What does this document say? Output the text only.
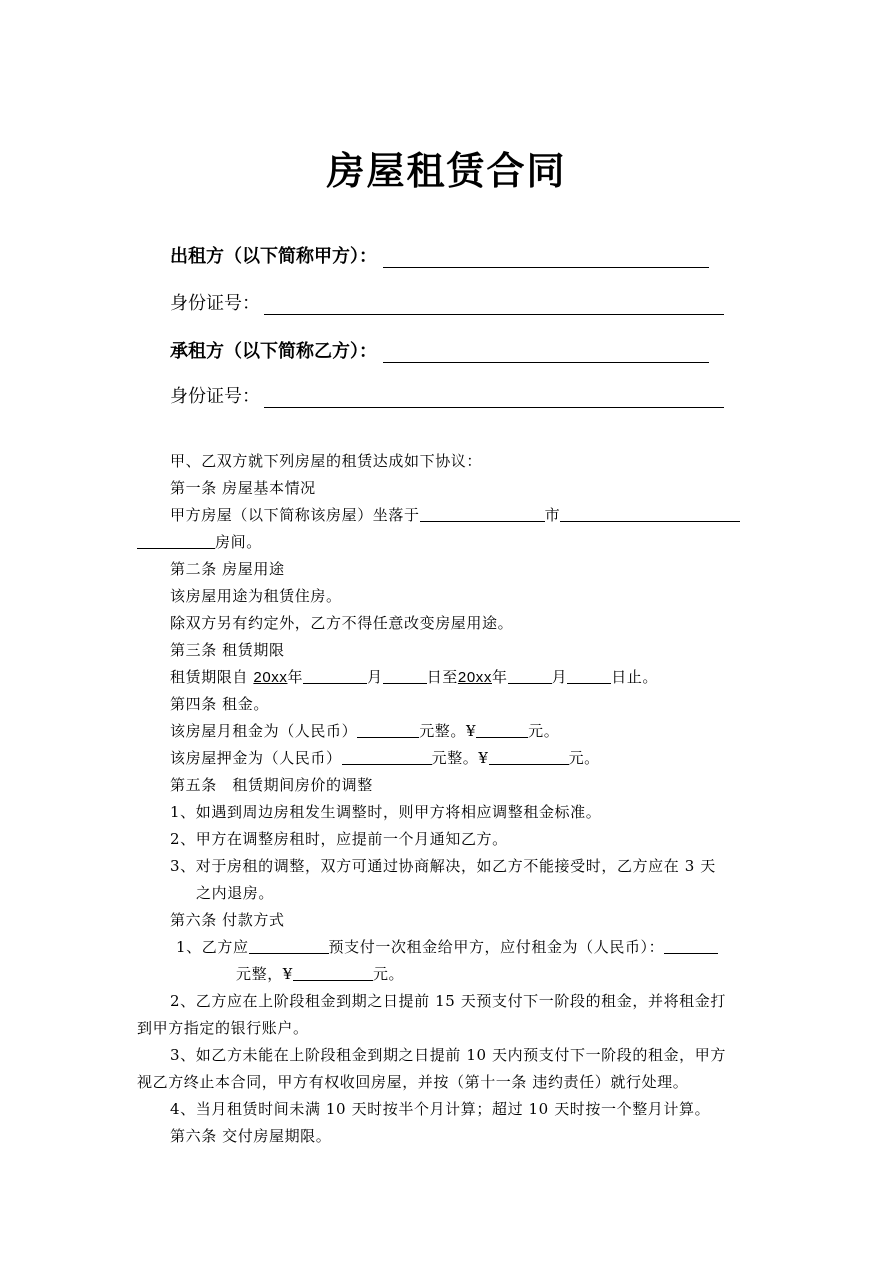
房屋租赁合同
出租方（以下简称甲方）：
身份证号：
承租方（以下简称乙方）：
身份证号：
甲、乙双方就下列房屋的租赁达成如下协议：
第一条 房屋基本情况
甲方房屋（以下简称该房屋）坐落于	市
房间。
第二条 房屋用途
该房屋用途为租赁住房。
除双方另有约定外，乙方不得任意改变房屋用途。
第三条 租赁期限
租赁期限自 20xx年	月	日至20xx年	月	日止。
第四条 租金。
该房屋月租金为（人民币）	元整。¥	元。
该房屋押金为（人民币）	元整。¥	元。
第五条　租赁期间房价的调整
1、如遇到周边房租发生调整时，则甲方将相应调整租金标准。
2、甲方在调整房租时，应提前一个月通知乙方。
3、对于房租的调整，双方可通过协商解决，如乙方不能接受时，乙方应在 3 天
之内退房。
第六条 付款方式
1、乙方应	预支付一次租金给甲方，应付租金为（人民币）：
元整，¥	元。
2、乙方应在上阶段租金到期之日提前 15 天预支付下一阶段的租金，并将租金打
到甲方指定的银行账户。
3、如乙方未能在上阶段租金到期之日提前 10 天内预支付下一阶段的租金，甲方
视乙方终止本合同，甲方有权收回房屋，并按（第十一条 违约责任）就行处理。
4、当月租赁时间未满 10 天时按半个月计算；超过 10 天时按一个整月计算。
第六条 交付房屋期限。
